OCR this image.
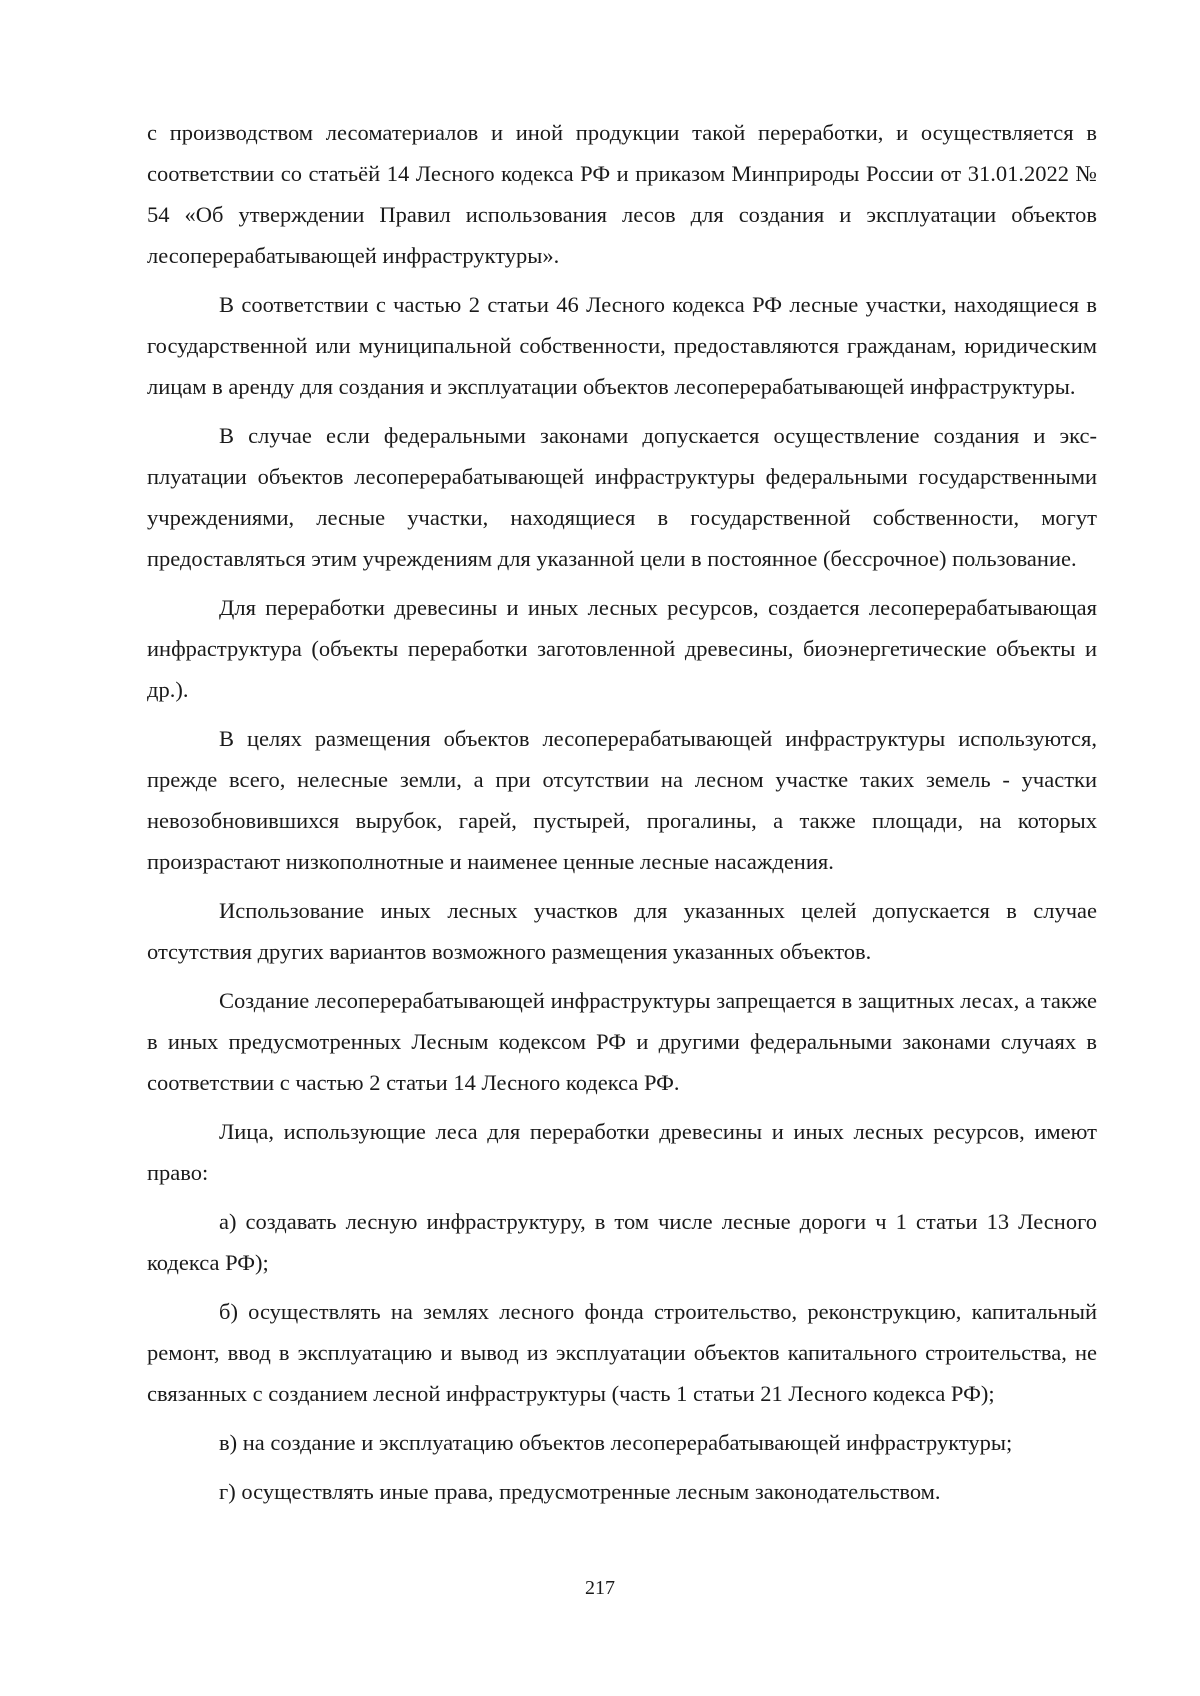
с производством лесоматериалов и иной продукции такой переработки, и осуществляется в соответствии со статьёй 14 Лесного кодекса РФ и приказом Минприроды России от 31.01.2022 № 54 «Об утверждении Правил использования лесов для создания и эксплуатации объектов лесоперерабатывающей инфраструктуры».

В соответствии с частью 2 статьи 46 Лесного кодекса РФ лесные участки, находящиеся в государственной или муниципальной собственности, предоставляются гражданам, юридическим лицам в аренду для создания и эксплуатации объектов лесоперерабатывающей инфраструктуры.

В случае если федеральными законами допускается осуществление создания и эксплуатации объектов лесоперерабатывающей инфраструктуры федеральными государственными учреждениями, лесные участки, находящиеся в государственной собственности, могут предоставляться этим учреждениям для указанной цели в постоянное (бессрочное) пользование.

Для переработки древесины и иных лесных ресурсов, создается лесоперерабатывающая инфраструктура (объекты переработки заготовленной древесины, биоэнергетические объекты и др.).

В целях размещения объектов лесоперерабатывающей инфраструктуры используются, прежде всего, нелесные земли, а при отсутствии на лесном участке таких земель - участки невозобновившихся вырубок, гарей, пустырей, прогалины, а также площади, на которых произрастают низкополнотные и наименее ценные лесные насаждения.

Использование иных лесных участков для указанных целей допускается в случае отсутствия других вариантов возможного размещения указанных объектов.

Создание лесоперерабатывающей инфраструктуры запрещается в защитных лесах, а также в иных предусмотренных Лесным кодексом РФ и другими федеральными законами случаях в соответствии с частью 2 статьи 14 Лесного кодекса РФ.

Лица, использующие леса для переработки древесины и иных лесных ресурсов, имеют право:

а) создавать лесную инфраструктуру, в том числе лесные дороги ч 1 статьи 13 Лесного кодекса РФ);

б) осуществлять на землях лесного фонда строительство, реконструкцию, капитальный ремонт, ввод в эксплуатацию и вывод из эксплуатации объектов капитального строительства, не связанных с созданием лесной инфраструктуры (часть 1 статьи 21 Лесного кодекса РФ);

в) на создание и эксплуатацию объектов лесоперерабатывающей инфраструктуры;

г) осуществлять иные права, предусмотренные лесным законодательством.

217
